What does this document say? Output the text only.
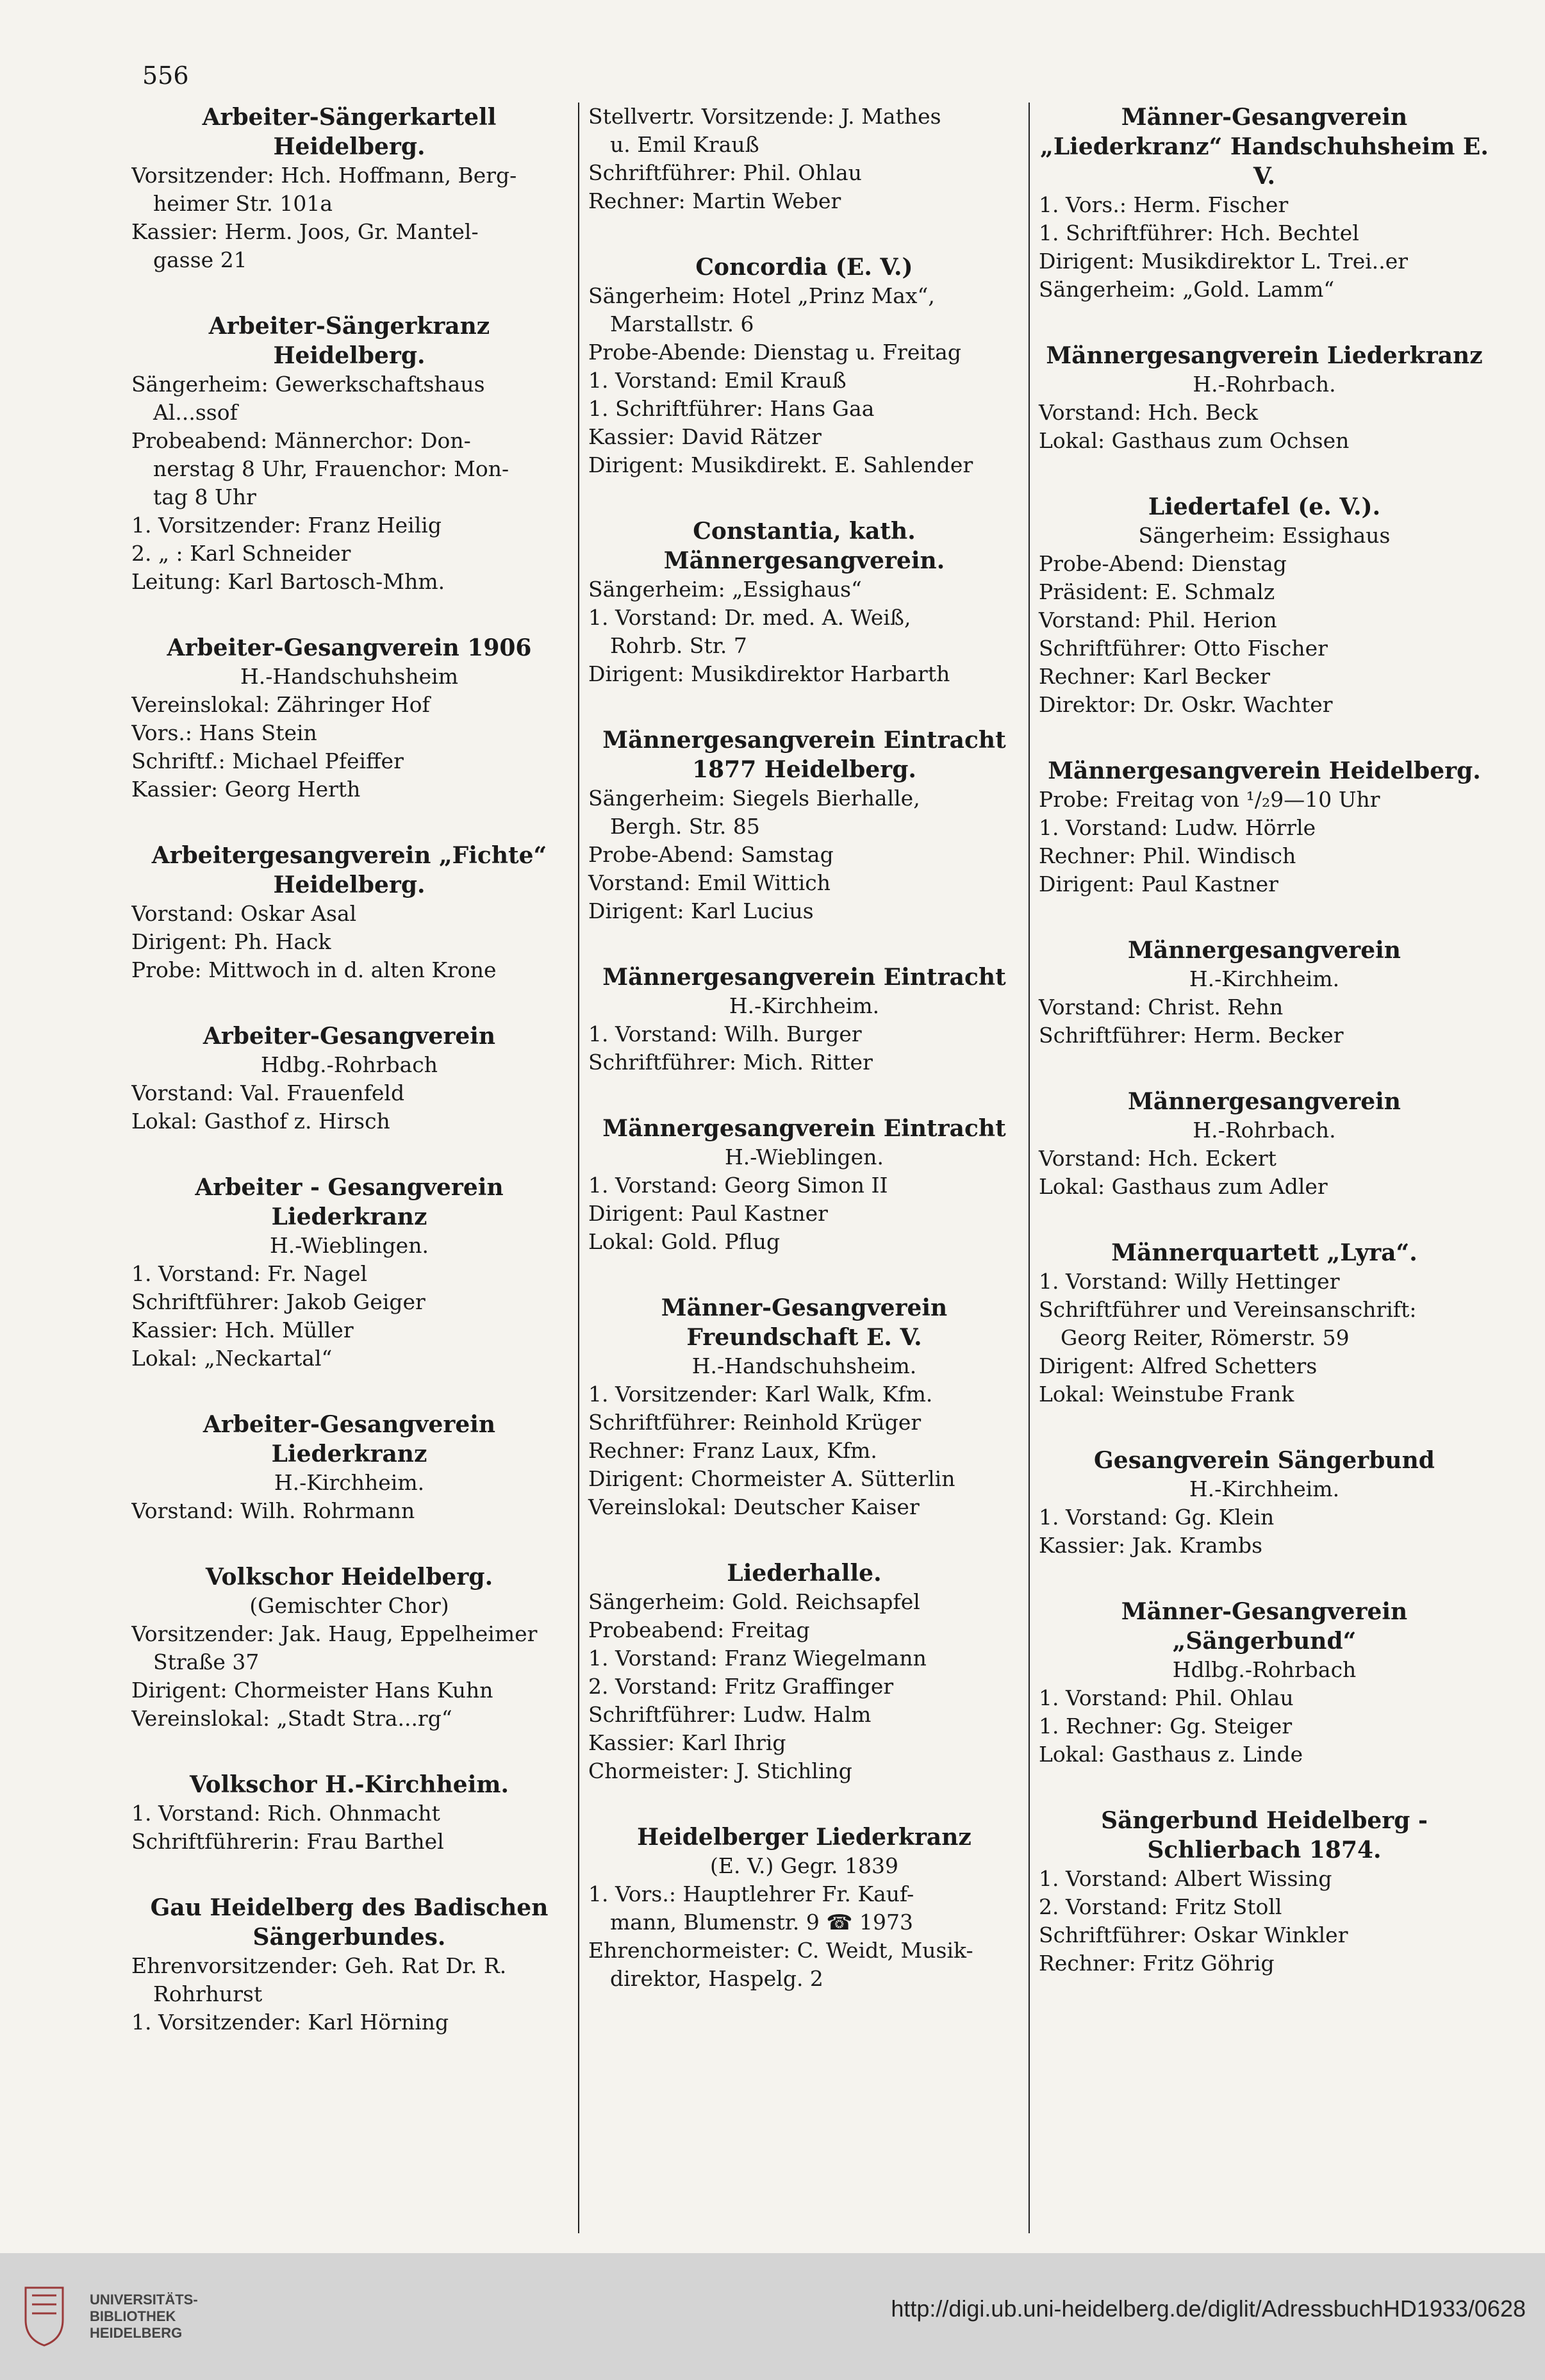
556

Arbeiter-Sängerkartell Heidelberg.

Vorsitzender: Hch. Hoffmann, Berg-

heimer Str. 101a

Kassier: Herm. Joos, Gr. Mantel-

gasse 21

Arbeiter-Sängerkranz Heidelberg.

Sängerheim: Gewerkschaftshaus

Al...ssof

Probeabend: Männerchor: Don-

nerstag 8 Uhr, Frauenchor: Mon-

tag 8 Uhr

1. Vorsitzender: Franz Heilig

2. „ : Karl Schneider

Leitung: Karl Bartosch-Mhm.

Arbeiter-Gesangverein 1906

H.-Handschuhsheim

Vereinslokal: Zähringer Hof

Vors.: Hans Stein

Schriftf.: Michael Pfeiffer

Kassier: Georg Herth

Arbeitergesangverein „Fichte“ Heidelberg.

Vorstand: Oskar Asal

Dirigent: Ph. Hack

Probe: Mittwoch in d. alten Krone

Arbeiter-Gesangverein

Hdbg.-Rohrbach

Vorstand: Val. Frauenfeld

Lokal: Gasthof z. Hirsch

Arbeiter - Gesangverein Liederkranz

H.-Wieblingen.

1. Vorstand: Fr. Nagel

Schriftführer: Jakob Geiger

Kassier: Hch. Müller

Lokal: „Neckartal“

Arbeiter-Gesangverein Liederkranz

H.-Kirchheim.

Vorstand: Wilh. Rohrmann

Volkschor Heidelberg.

(Gemischter Chor)

Vorsitzender: Jak. Haug, Eppelheimer

Straße 37

Dirigent: Chormeister Hans Kuhn

Vereinslokal: „Stadt Stra...rg“

Volkschor H.-Kirchheim.

1. Vorstand: Rich. Ohnmacht

Schriftführerin: Frau Barthel

Gau Heidelberg des Badischen Sängerbundes.

Ehrenvorsitzender: Geh. Rat Dr. R.

Rohrhurst

1. Vorsitzender: Karl Hörning

Stellvertr. Vorsitzende: J. Mathes

u. Emil Krauß

Schriftführer: Phil. Ohlau

Rechner: Martin Weber

Concordia (E. V.)

Sängerheim: Hotel „Prinz Max“,

Marstallstr. 6

Probe-Abende: Dienstag u. Freitag

1. Vorstand: Emil Krauß

1. Schriftführer: Hans Gaa

Kassier: David Rätzer

Dirigent: Musikdirekt. E. Sahlender

Constantia, kath. Männergesangverein.

Sängerheim: „Essighaus“

1. Vorstand: Dr. med. A. Weiß,

Rohrb. Str. 7

Dirigent: Musikdirektor Harbarth

Männergesangverein Eintracht 1877 Heidelberg.

Sängerheim: Siegels Bierhalle,

Bergh. Str. 85

Probe-Abend: Samstag

Vorstand: Emil Wittich

Dirigent: Karl Lucius

Männergesangverein Eintracht

H.-Kirchheim.

1. Vorstand: Wilh. Burger

Schriftführer: Mich. Ritter

Männergesangverein Eintracht

H.-Wieblingen.

1. Vorstand: Georg Simon II

Dirigent: Paul Kastner

Lokal: Gold. Pflug

Männer-Gesangverein Freundschaft E. V.

H.-Handschuhsheim.

1. Vorsitzender: Karl Walk, Kfm.

Schriftführer: Reinhold Krüger

Rechner: Franz Laux, Kfm.

Dirigent: Chormeister A. Sütterlin

Vereinslokal: Deutscher Kaiser

Liederhalle.

Sängerheim: Gold. Reichsapfel

Probeabend: Freitag

1. Vorstand: Franz Wiegelmann

2. Vorstand: Fritz Graffinger

Schriftführer: Ludw. Halm

Kassier: Karl Ihrig

Chormeister: J. Stichling

Heidelberger Liederkranz

(E. V.) Gegr. 1839

1. Vors.: Hauptlehrer Fr. Kauf-

mann, Blumenstr. 9 ☎ 1973

Ehrenchormeister: C. Weidt, Musik-

direktor, Haspelg. 2

Männer-Gesangverein „Liederkranz“ Handschuhsheim E. V.

1. Vors.: Herm. Fischer

1. Schriftführer: Hch. Bechtel

Dirigent: Musikdirektor L. Trei..er

Sängerheim: „Gold. Lamm“

Männergesangverein Liederkranz

H.-Rohrbach.

Vorstand: Hch. Beck

Lokal: Gasthaus zum Ochsen

Liedertafel (e. V.).

Sängerheim: Essighaus

Probe-Abend: Dienstag

Präsident: E. Schmalz

Vorstand: Phil. Herion

Schriftführer: Otto Fischer

Rechner: Karl Becker

Direktor: Dr. Oskr. Wachter

Männergesangverein Heidelberg.

Probe: Freitag von ¹/₂9—10 Uhr

1. Vorstand: Ludw. Hörrle

Rechner: Phil. Windisch

Dirigent: Paul Kastner

Männergesangverein

H.-Kirchheim.

Vorstand: Christ. Rehn

Schriftführer: Herm. Becker

Männergesangverein

H.-Rohrbach.

Vorstand: Hch. Eckert

Lokal: Gasthaus zum Adler

Männerquartett „Lyra“.

1. Vorstand: Willy Hettinger

Schriftführer und Vereinsanschrift:

Georg Reiter, Römerstr. 59

Dirigent: Alfred Schetters

Lokal: Weinstube Frank

Gesangverein Sängerbund

H.-Kirchheim.

1. Vorstand: Gg. Klein

Kassier: Jak. Krambs

Männer-Gesangverein „Sängerbund“

Hdlbg.-Rohrbach

1. Vorstand: Phil. Ohlau

1. Rechner: Gg. Steiger

Lokal: Gasthaus z. Linde

Sängerbund Heidelberg - Schlierbach 1874.

1. Vorstand: Albert Wissing

2. Vorstand: Fritz Stoll

Schriftführer: Oskar Winkler

Rechner: Fritz Göhrig

UNIVERSITÄTS-
BIBLIOTHEK
HEIDELBERG
http://digi.ub.uni-heidelberg.de/diglit/AdressbuchHD1933/0628
